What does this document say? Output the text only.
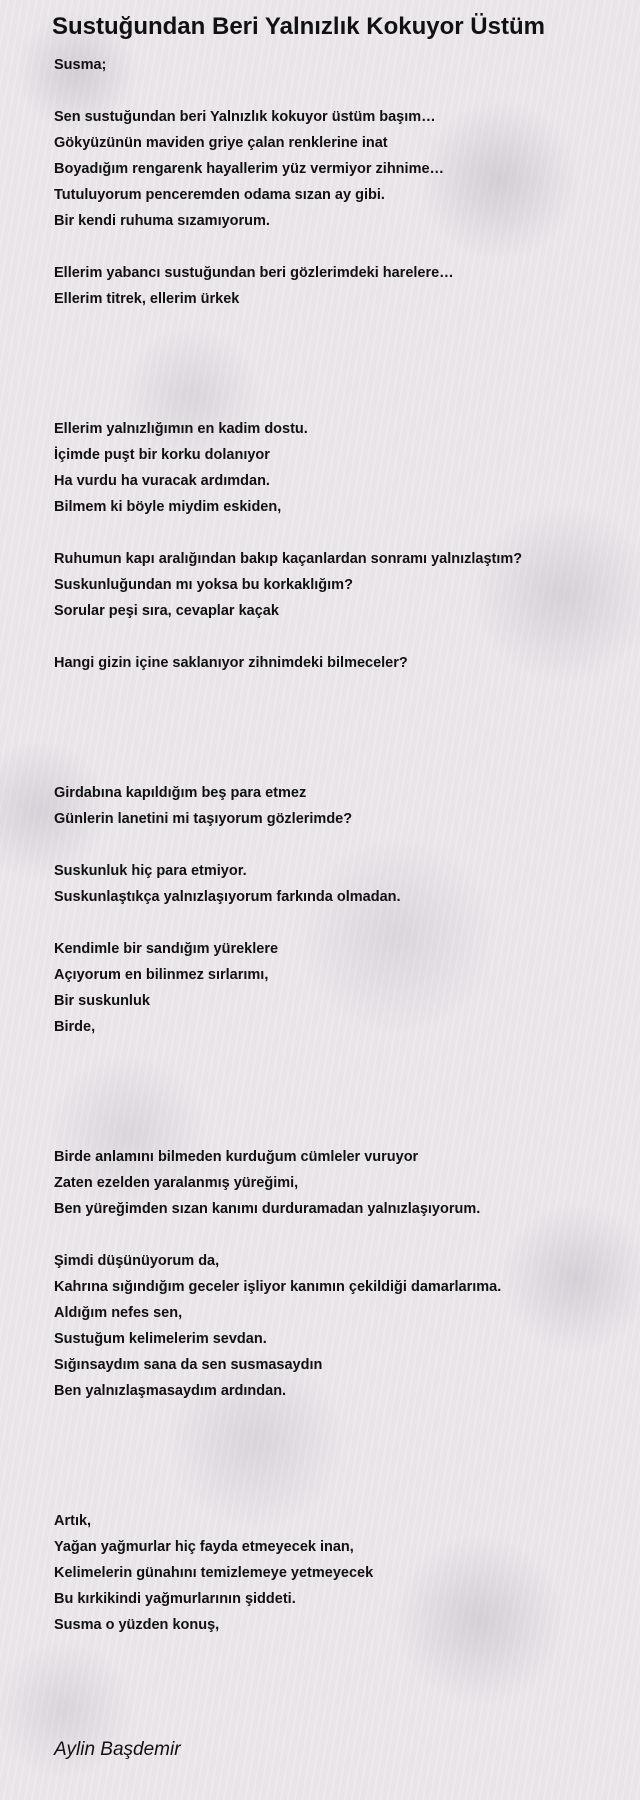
Sustuğundan Beri Yalnızlık Kokuyor Üstüm
Susma;
Sen sustuğundan beri Yalnızlık kokuyor üstüm başım…
Gökyüzünün maviden griye çalan renklerine inat
Boyadığım rengarenk hayallerim yüz vermiyor zihnime…
Tutuluyorum penceremden odama sızan ay gibi.
Bir kendi ruhuma sızamıyorum.
Ellerim yabancı sustuğundan beri gözlerimdeki harelere…
Ellerim titrek, ellerim ürkek
Ellerim yalnızlığımın en kadim dostu.
İçimde puşt bir korku dolanıyor
Ha vurdu ha vuracak ardımdan.
Bilmem ki böyle miydim eskiden,
Ruhumun kapı aralığından bakıp kaçanlardan sonramı yalnızlaştım?
Suskunluğundan mı yoksa bu korkaklığım?
Sorular peşi sıra, cevaplar kaçak
Hangi gizin içine saklanıyor zihnimdeki bilmeceler?
Girdabına kapıldığım beş para etmez
Günlerin lanetini mi taşıyorum gözlerimde?
Suskunluk hiç para etmiyor.
Suskunlaştıkça yalnızlaşıyorum farkında olmadan.
Kendimle bir sandığım yüreklere
Açıyorum en bilinmez sırlarımı,
Bir suskunluk
Birde,
Birde anlamını bilmeden kurduğum cümleler vuruyor
Zaten ezelden yaralanmış yüreğimi,
Ben yüreğimden sızan kanımı durduramadan yalnızlaşıyorum.
Şimdi düşünüyorum da,
Kahrına sığındığım geceler işliyor kanımın çekildiği damarlarıma.
Aldığım nefes sen,
Sustuğum kelimelerim sevdan.
Sığınsaydım sana da sen susmasaydın
Ben yalnızlaşmasaydım ardından.
Artık,
Yağan yağmurlar hiç fayda etmeyecek inan,
Kelimelerin günahını temizlemeye yetmeyecek
Bu kırkikindi yağmurlarının şiddeti.
Susma o yüzden konuş,
Aylin Başdemir
